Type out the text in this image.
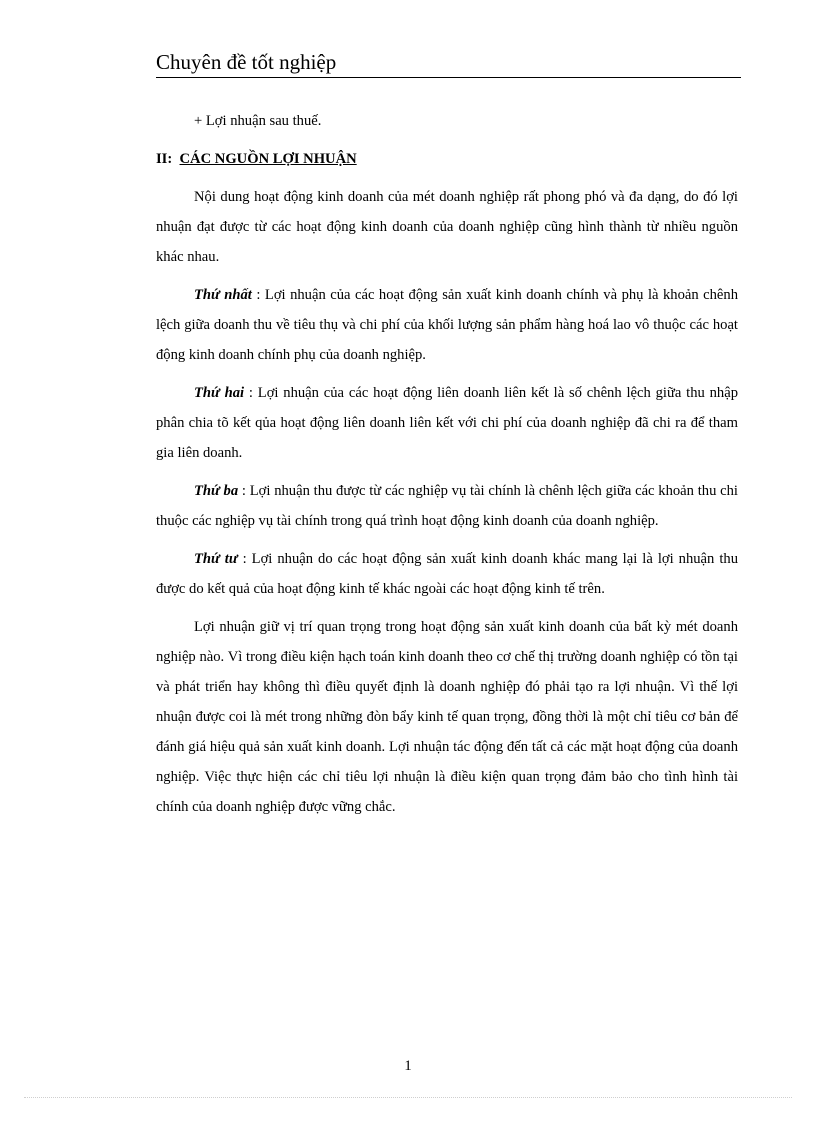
Chuyên đề tốt nghiệp

+ Lợi nhuận sau thuế.

II: CÁC NGUỒN LỢI NHUẬN

Nội dung hoạt động kinh doanh của mét doanh nghiệp rất phong phó và đa dạng, do đó lợi nhuận đạt được từ các hoạt động kinh doanh của doanh nghiệp cũng hình thành từ nhiều nguồn khác nhau.

Thứ nhất : Lợi nhuận của các hoạt động sản xuất kinh doanh chính và phụ là khoản chênh lệch giữa doanh thu về tiêu thụ và chi phí của khối lượng sản phẩm hàng hoá lao vô thuộc các hoạt động kinh doanh chính phụ của doanh nghiệp.

Thứ hai : Lợi nhuận của các hoạt động liên doanh liên kết là số chênh lệch giữa thu nhập phân chia tõ kết qủa hoạt động liên doanh liên kết với chi phí của doanh nghiệp đã chi ra để tham gia liên doanh.

Thứ ba : Lợi nhuận thu được từ các nghiệp vụ tài chính là chênh lệch giữa các khoản thu chi thuộc các nghiệp vụ tài chính trong quá trình hoạt động kinh doanh của doanh nghiệp.

Thứ tư : Lợi nhuận do các hoạt động sản xuất kinh doanh khác mang lại là lợi nhuận thu được do kết quả của hoạt động kinh tế khác ngoài các hoạt động kinh tế trên.

Lợi nhuận giữ vị trí quan trọng trong hoạt động sản xuất kinh doanh của bất kỳ mét doanh nghiệp nào. Vì trong điều kiện hạch toán kinh doanh theo cơ chế thị trường doanh nghiệp có tồn tại và phát triển hay không thì điều quyết định là doanh nghiệp đó phải tạo ra lợi nhuận. Vì thế lợi nhuận được coi là mét trong những đòn bẩy kinh tế quan trọng, đồng thời là một chỉ tiêu cơ bản để đánh giá hiệu quả sản xuất kinh doanh. Lợi nhuận tác động đến tất cả các mặt hoạt động của doanh nghiệp. Việc thực hiện các chỉ tiêu lợi nhuận là điều kiện quan trọng đảm bảo cho tình hình tài chính của doanh nghiệp được vững chắc.

1
